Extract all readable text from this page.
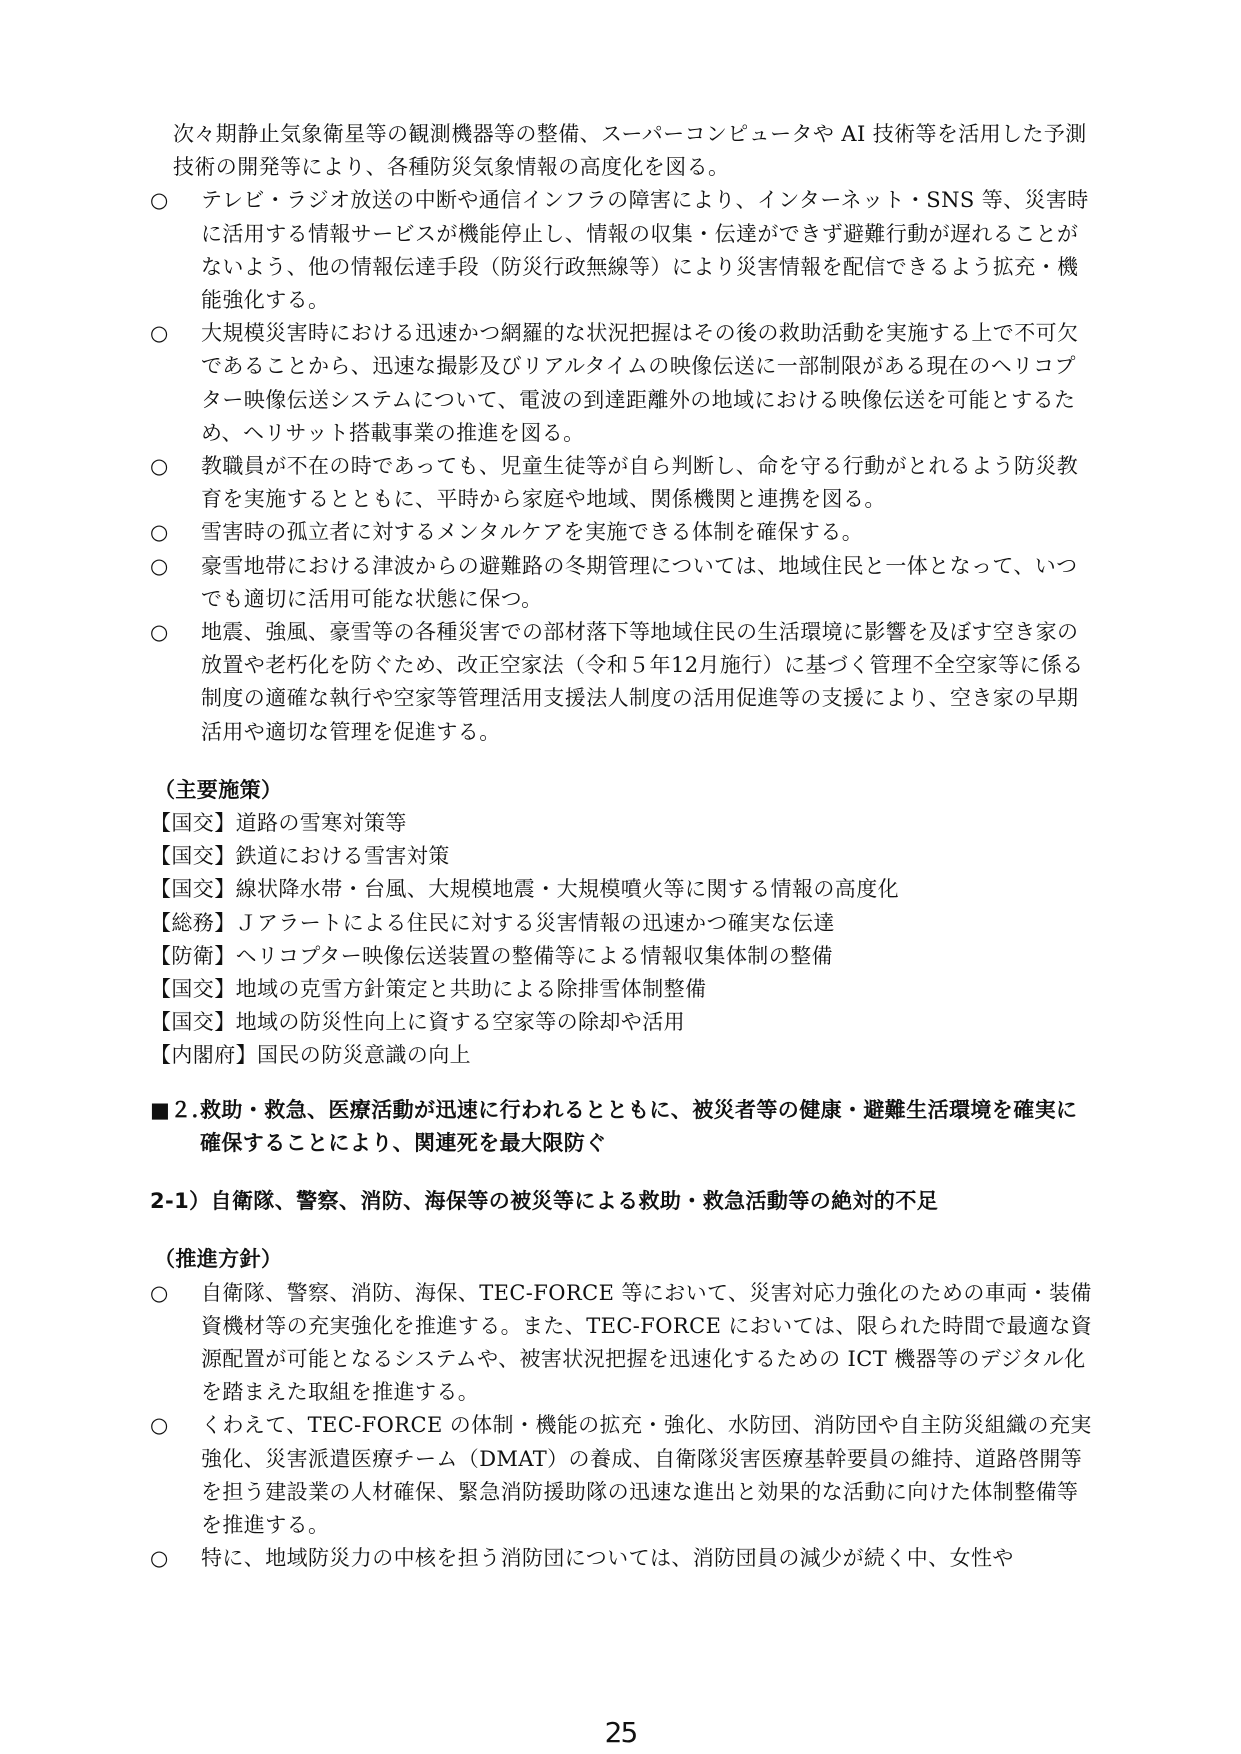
次々期静止気象衛星等の観測機器等の整備、スーパーコンピュータや AI 技術等を活用した予測技術の開発等により、各種防災気象情報の高度化を図る。

○	テレビ・ラジオ放送の中断や通信インフラの障害により、インターネット・SNS 等、災害時に活用する情報サービスが機能停止し、情報の収集・伝達ができず避難行動が遅れることがないよう、他の情報伝達手段（防災行政無線等）により災害情報を配信できるよう拡充・機能強化する。

○	大規模災害時における迅速かつ網羅的な状況把握はその後の救助活動を実施する上で不可欠であることから、迅速な撮影及びリアルタイムの映像伝送に一部制限がある現在のヘリコプター映像伝送システムについて、電波の到達距離外の地域における映像伝送を可能とするため、ヘリサット搭載事業の推進を図る。

○	教職員が不在の時であっても、児童生徒等が自ら判断し、命を守る行動がとれるよう防災教育を実施するとともに、平時から家庭や地域、関係機関と連携を図る。

○	雪害時の孤立者に対するメンタルケアを実施できる体制を確保する。

○	豪雪地帯における津波からの避難路の冬期管理については、地域住民と一体となって、いつでも適切に活用可能な状態に保つ。

○	地震、強風、豪雪等の各種災害での部材落下等地域住民の生活環境に影響を及ぼす空き家の放置や老朽化を防ぐため、改正空家法（令和５年12月施行）に基づく管理不全空家等に係る制度の適確な執行や空家等管理活用支援法人制度の活用促進等の支援により、空き家の早期活用や適切な管理を促進する。

（主要施策）

【国交】道路の雪寒対策等

【国交】鉄道における雪害対策

【国交】線状降水帯・台風、大規模地震・大規模噴火等に関する情報の高度化

【総務】Ｊアラートによる住民に対する災害情報の迅速かつ確実な伝達

【防衛】ヘリコプター映像伝送装置の整備等による情報収集体制の整備

【国交】地域の克雪方針策定と共助による除排雪体制整備

【国交】地域の防災性向上に資する空家等の除却や活用

【内閣府】国民の防災意識の向上

■２．

救助・救急、医療活動が迅速に行われるとともに、被災者等の健康・避難生活環境を確実に確保することにより、関連死を最大限防ぐ

2-1）自衛隊、警察、消防、海保等の被災等による救助・救急活動等の絶対的不足

（推進方針）

○	自衛隊、警察、消防、海保、TEC-FORCE 等において、災害対応力強化のための車両・装備資機材等の充実強化を推進する。また、TEC-FORCE においては、限られた時間で最適な資源配置が可能となるシステムや、被害状況把握を迅速化するための ICT 機器等のデジタル化を踏まえた取組を推進する。

○	くわえて、TEC-FORCE の体制・機能の拡充・強化、水防団、消防団や自主防災組織の充実強化、災害派遣医療チーム（DMAT）の養成、自衛隊災害医療基幹要員の維持、道路啓開等を担う建設業の人材確保、緊急消防援助隊の迅速な進出と効果的な活動に向けた体制整備等を推進する。

○	特に、地域防災力の中核を担う消防団については、消防団員の減少が続く中、女性や

25
